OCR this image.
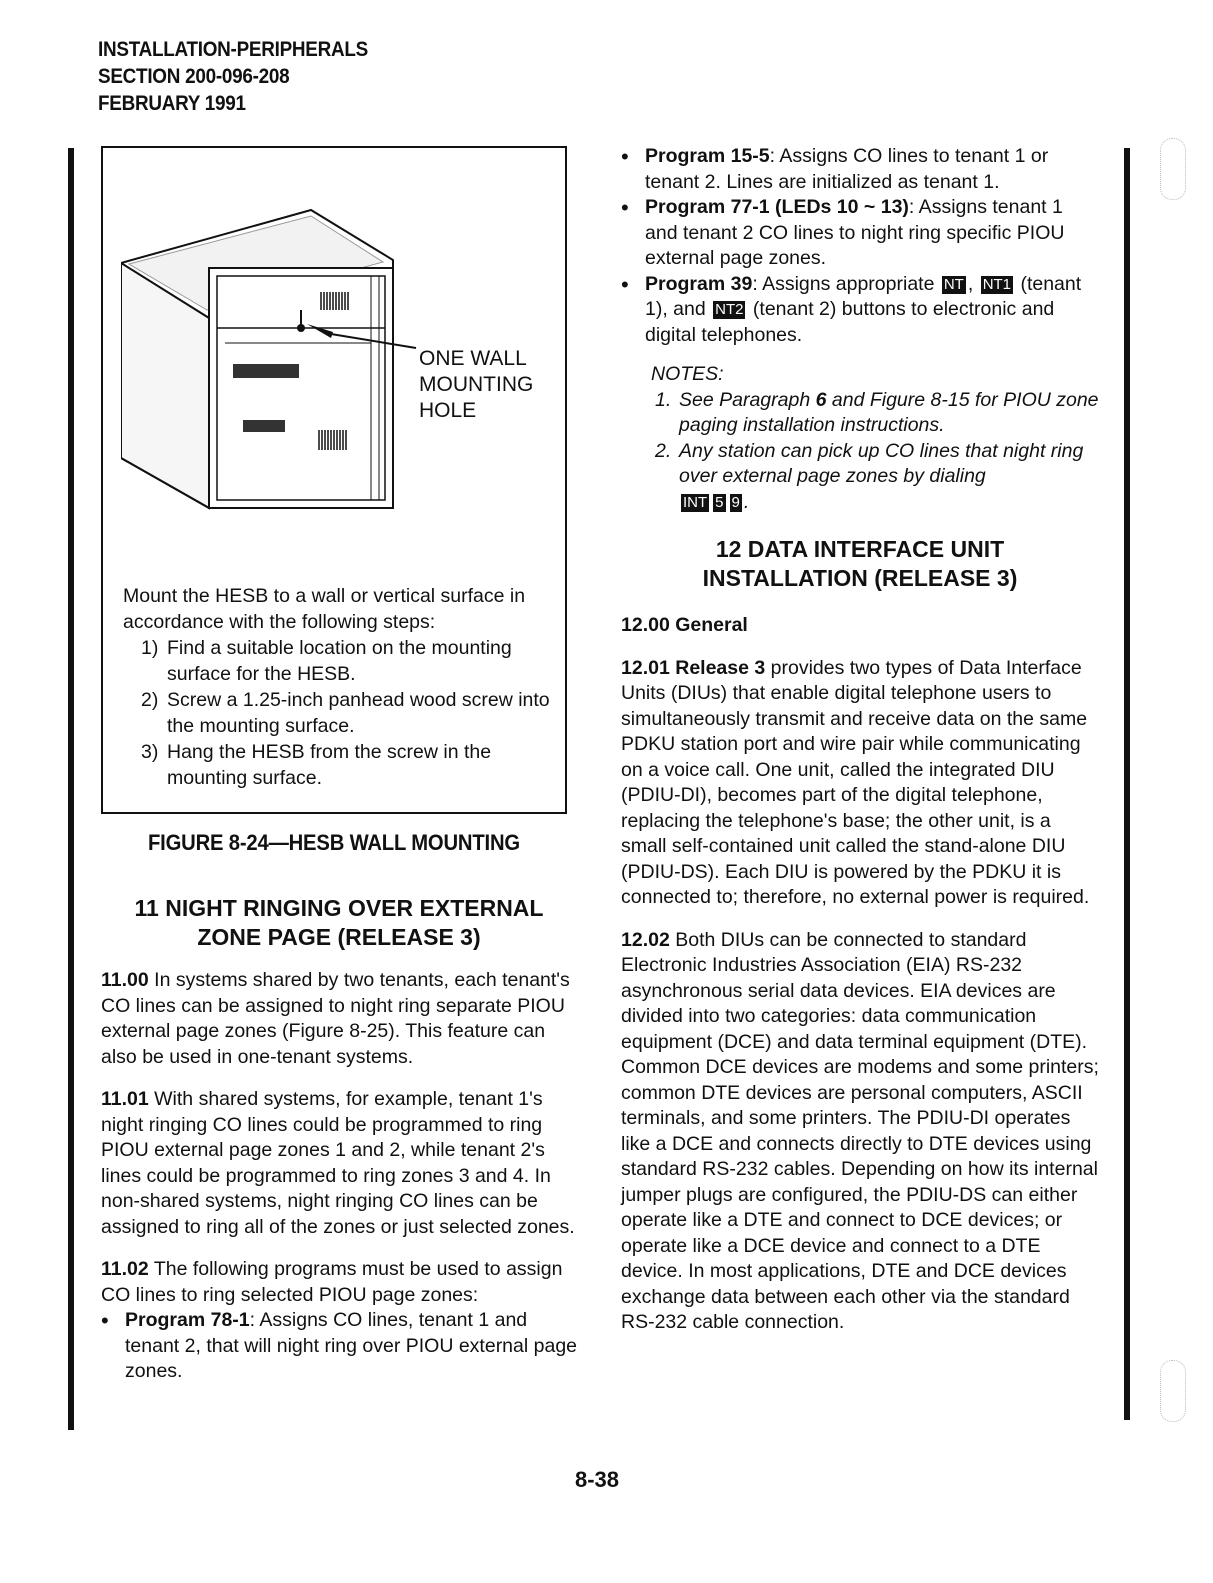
INSTALLATION-PERIPHERALS
SECTION 200-096-208
FEBRUARY 1991
ONE WALL
MOUNTING
HOLE
Mount the HESB to a wall or vertical surface in accordance with the following steps:
1) Find a suitable location on the mounting surface for the HESB.
2) Screw a 1.25-inch panhead wood screw into the mounting surface.
3) Hang the HESB from the screw in the mounting surface.
FIGURE 8-24—HESB WALL MOUNTING
11 NIGHT RINGING OVER EXTERNAL
ZONE PAGE (RELEASE 3)

11.00 In systems shared by two tenants, each tenant's CO lines can be assigned to night ring separate PIOU external page zones (Figure 8-25). This feature can also be used in one-tenant systems.

11.01 With shared systems, for example, tenant 1's night ringing CO lines could be programmed to ring PIOU external page zones 1 and 2, while tenant 2's lines could be programmed to ring zones 3 and 4. In non-shared systems, night ringing CO lines can be assigned to ring all of the zones or just selected zones.

11.02 The following programs must be used to assign CO lines to ring selected PIOU page zones:

• Program 78-1: Assigns CO lines, tenant 1 and tenant 2, that will night ring over PIOU external page zones.
• Program 15-5: Assigns CO lines to tenant 1 or tenant 2. Lines are initialized as tenant 1.
• Program 77-1 (LEDs 10 ~ 13): Assigns tenant 1 and tenant 2 CO lines to night ring specific PIOU external page zones.
• Program 39: Assigns appropriate NT , NT1 (tenant 1), and NT2 (tenant 2) buttons to electronic and digital telephones.
NOTES:
1. See Paragraph 6 and Figure 8-15 for PIOU zone paging installation instructions.
2. Any station can pick up CO lines that night ring over external page zones by dialing
INT 5 9 .
12 DATA INTERFACE UNIT
INSTALLATION (RELEASE 3)

12.00 General

12.01 Release 3 provides two types of Data Interface Units (DIUs) that enable digital telephone users to simultaneously transmit and receive data on the same PDKU station port and wire pair while communicating on a voice call. One unit, called the integrated DIU (PDIU-DI), becomes part of the digital telephone, replacing the telephone's base; the other unit, is a small self-contained unit called the stand-alone DIU (PDIU-DS). Each DIU is powered by the PDKU it is connected to; therefore, no external power is required.

12.02 Both DIUs can be connected to standard Electronic Industries Association (EIA) RS-232 asynchronous serial data devices. EIA devices are divided into two categories: data communication equipment (DCE) and data terminal equipment (DTE). Common DCE devices are modems and some printers; common DTE devices are personal computers, ASCII terminals, and some printers. The PDIU-DI operates like a DCE and connects directly to DTE devices using standard RS-232 cables. Depending on how its internal jumper plugs are configured, the PDIU-DS can either operate like a DTE and connect to DCE devices; or operate like a DCE device and connect to a DTE device. In most applications, DTE and DCE devices exchange data between each other via the standard RS-232 cable connection.

8-38
